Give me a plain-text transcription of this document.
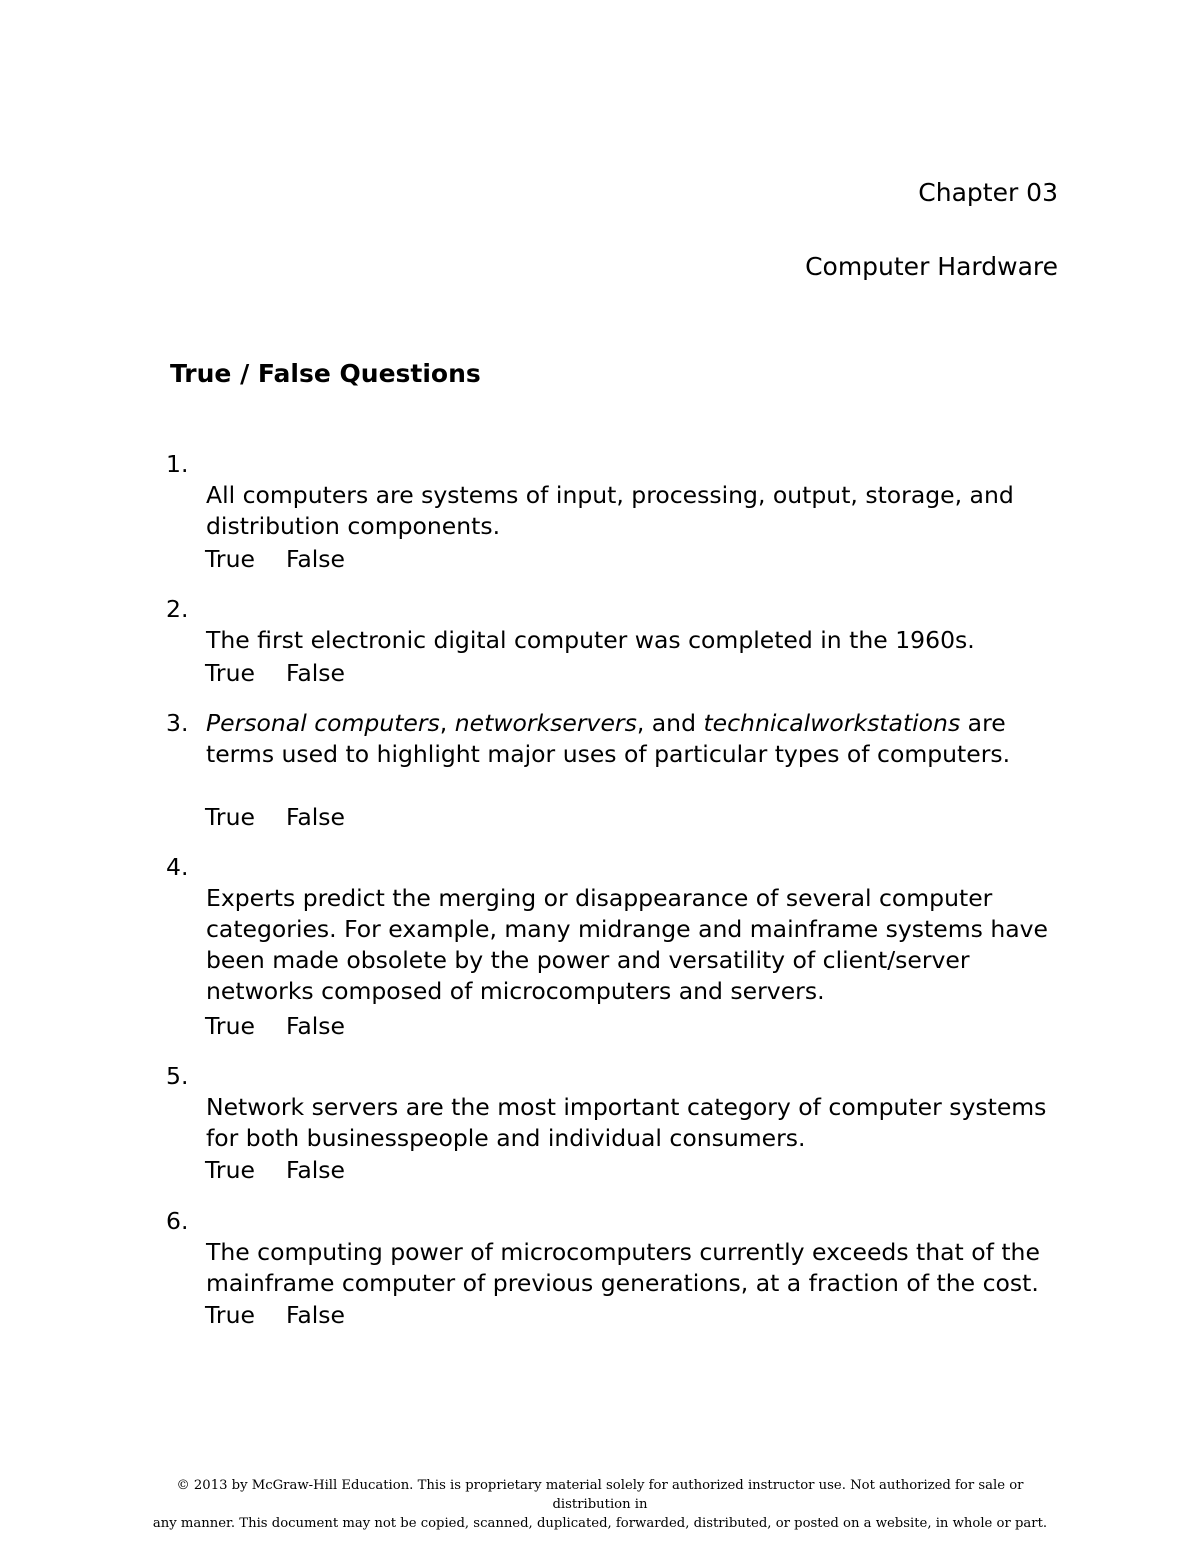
Chapter 03
Computer Hardware
True / False Questions
1.

All computers are systems of input, processing, output, storage, and
distribution components.

True False
2.

The first electronic digital computer was completed in the 1960s.

True False
3. Personal computers, networkservers, and technicalworkstations are
terms used to highlight major uses of particular types of computers.
True False
4.

Experts predict the merging or disappearance of several computer
categories. For example, many midrange and mainframe systems have
been made obsolete by the power and versatility of client/server
networks composed of microcomputers and servers.

True False
5.

Network servers are the most important category of computer systems
for both businesspeople and individual consumers.

True False
6.

The computing power of microcomputers currently exceeds that of the
mainframe computer of previous generations, at a fraction of the cost.

True False
© 2013 by McGraw-Hill Education. This is proprietary material solely for authorized instructor use. Not authorized for sale or distribution in
any manner. This document may not be copied, scanned, duplicated, forwarded, distributed, or posted on a website, in whole or part.
